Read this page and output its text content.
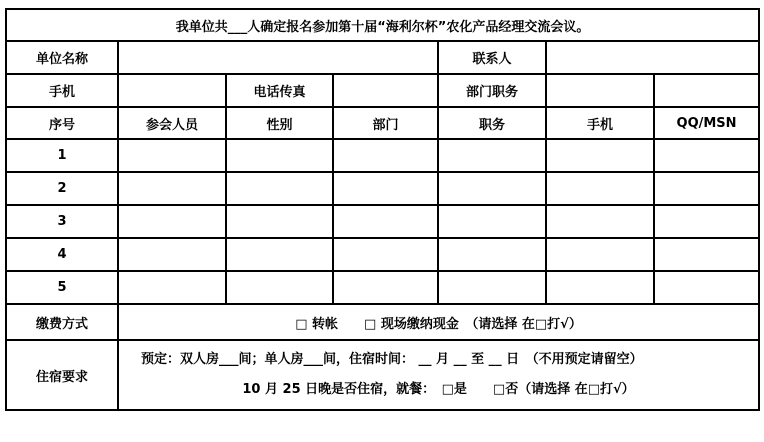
我单位共___人确定报名参加第十届“海利尔杯”农化产品经理交流会议。						
单位名称				联系人		
手机		电话传真		部门职务		
序号	参会人员	性别	部门	职务	手机	QQ/MSN
1						
2						
3						
4						
5						
缴费方式	□ 转帐　　□ 现场缴纳现金　（请选择 在□打√）					
住宿要求	预定：双人房___间；单人房___间，住宿时间： __ 月 __ 至 __ 日　（不用预定请留空）
10 月 25 日晚是否住宿，就餐：　□是　　□否（请选择 在□打√）					
